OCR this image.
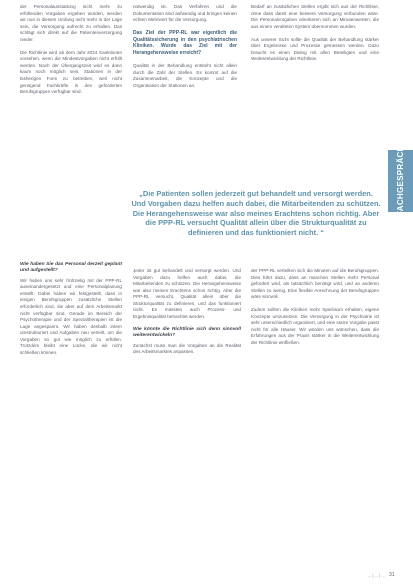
der Personalausstattung nicht mehr zu erfüllenden Vorgaben ergeben würden, werden wir nun in diesem Umfang nicht mehr in der Lage sein, die Versorgung aufrecht zu erhalten. Das schlägt sich direkt auf die Patientenversorgung nieder.

Die Richtlinie wird ab dem Jahr 2024 Sanktionen vorsehen, wenn die Mindestvorgaben nicht erfüllt werden. Nach der Übergangszeit wird es dann kaum noch möglich sein, Stationen in der bisherigen Form zu betreiben, weil nicht genügend Fachkräfte in den geforderten Berufsgruppen verfügbar sind.

notwendig ist. Das Verfahren und die Dokumentation sind aufwendig und bringen keinen echten Mehrwert für die Versorgung.

Das Ziel der PPP-RL war eigentlich die Qualitätssicherung in den psychiatrischen Kliniken. Wurde das Ziel mit der Herangehensweise erreicht?

Qualität in der Behandlung entsteht nicht allein durch die Zahl der Stellen. Es kommt auf die Zusammenarbeit, die Konzepte und die Organisation der Stationen an.

Bedarf an zusätzlichen Stellen ergibt sich aus der Richtlinie, ohne dass damit eine bessere Versorgung verbunden wäre. Die Personalvorgaben orientieren sich an Minutenwerten, die aus einem veralteten System übernommen wurden.

Aus unserer Sicht sollte die Qualität der Behandlung stärker über Ergebnisse und Prozesse gemessen werden. Dazu braucht es einen Dialog mit allen Beteiligten und eine Weiterentwicklung der Richtlinie.

„Die Patienten sollen jederzeit gut behandelt und versorgt werden. Und Vorgaben dazu helfen auch dabei, die Mitarbeitenden zu schützen. Die Herangehensweise war also meines Erachtens schon richtig. Aber die PPP-RL versucht Qualität allein über die Strukturqualität zu definieren und das funktioniert nicht. “
Wie haben Sie das Personal derzeit geplant und aufgestellt?

Wir haben uns sehr frühzeitig mit der PPP-RL auseinandergesetzt und eine Personalplanung erstellt. Dabei haben wir festgestellt, dass in einigen Berufsgruppen zusätzliche Stellen erforderlich sind, die aber auf dem Arbeitsmarkt nicht verfügbar sind. Gerade im Bereich der Psychotherapie und der Spezialtherapien ist die Lage angespannt. Wir haben deshalb intern umstrukturiert und Aufgaben neu verteilt, um die Vorgaben so gut wie möglich zu erfüllen. Trotzdem bleibt eine Lücke, die wir nicht schließen können.

Jeder ist gut behandelt und versorgt werden. Und Vorgaben dazu helfen auch dabei, die Mitarbeitenden zu schützen. Die Herangehensweise war also meines Erachtens schon richtig. Aber die PPP-RL versucht, Qualität allein über die Strukturqualität zu definieren, und das funktioniert nicht. Es müssten auch Prozess- und Ergebnisqualität betrachtet werden.

Wie könnte die Richtlinie sich denn sinnvoll weiterentwickeln?

Zunächst muss man die Vorgaben an die Realität des Arbeitsmarktes anpassen.

der PPP-RL verteilten sich die Minuten auf die Berufsgruppen. Dies führt dazu, dass an manchen Stellen mehr Personal gefordert wird, als tatsächlich benötigt wird, und an anderen Stellen zu wenig. Eine flexible Anrechnung der Berufsgruppen wäre sinnvoll.

Zudem sollten die Kliniken mehr Spielraum erhalten, eigene Konzepte umzusetzen. Die Versorgung in der Psychiatrie ist sehr unterschiedlich organisiert, und eine starre Vorgabe passt nicht für alle Häuser. Wir würden uns wünschen, dass die Erfahrungen aus der Praxis stärker in die Weiterentwicklung der Richtlinie einfließen.

FACHGESPRÄCH
... | ... | ... 31
